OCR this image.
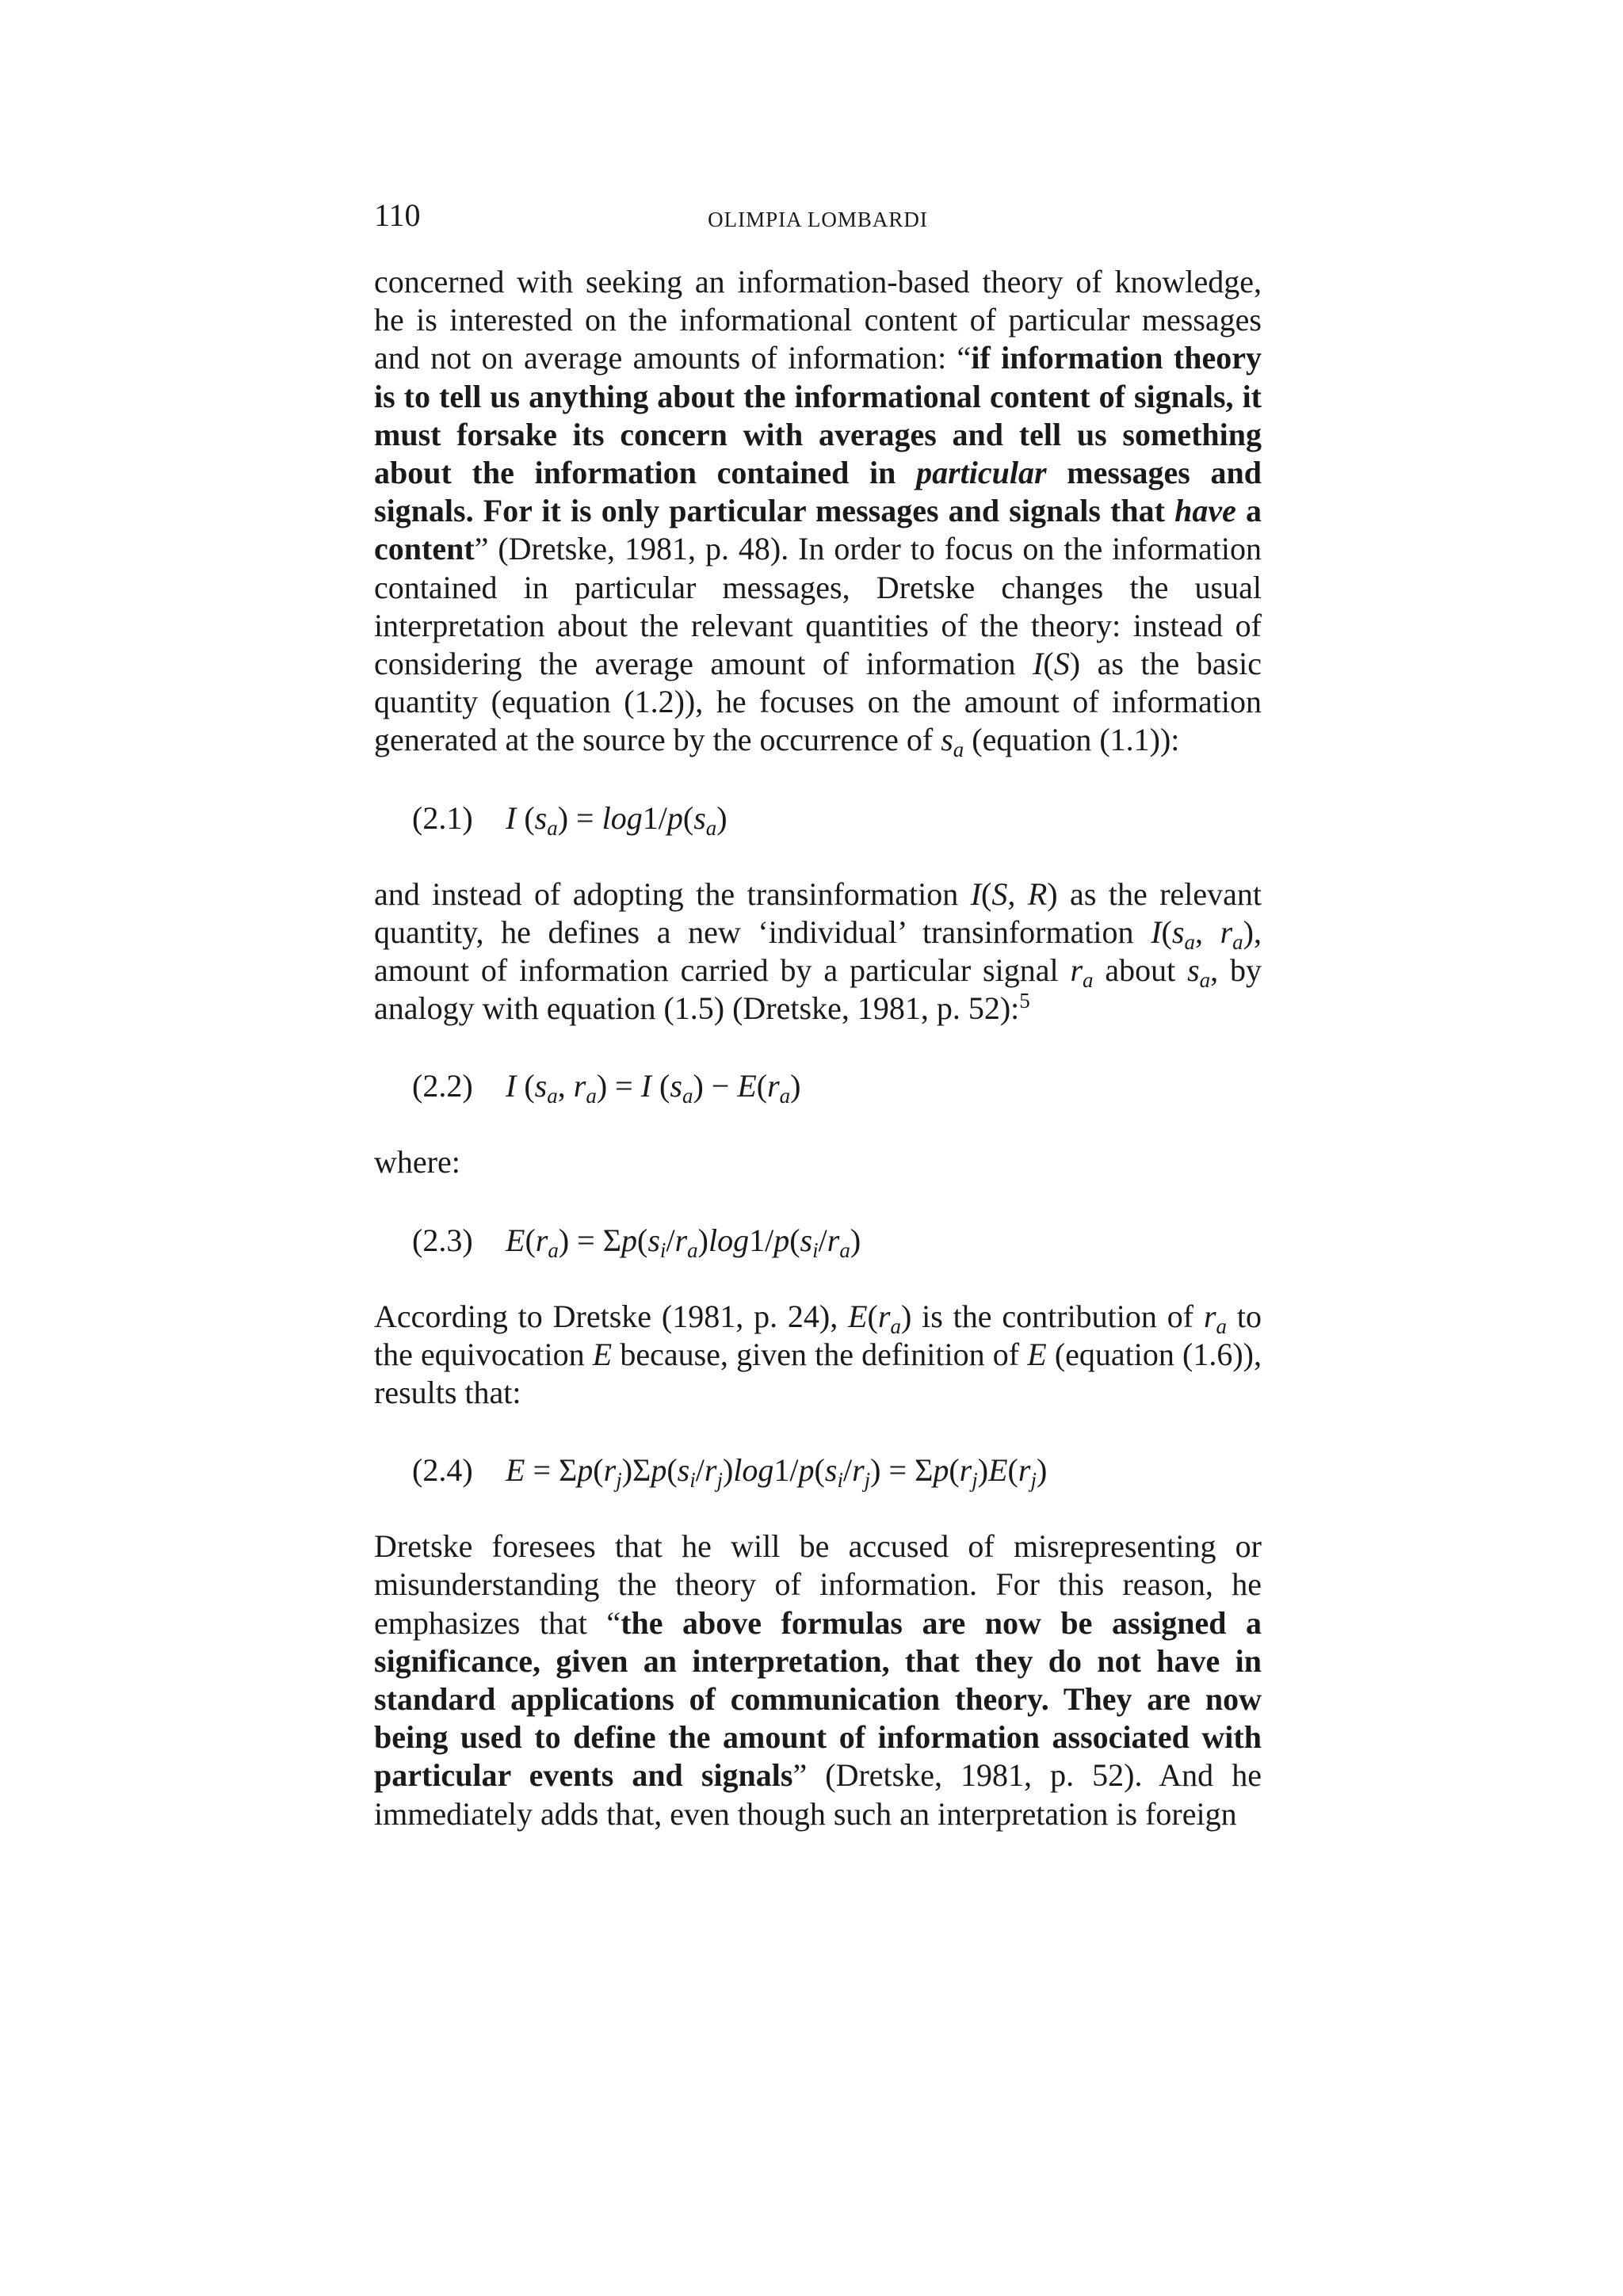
110	OLIMPIA LOMBARDI

concerned with seeking an information-based theory of knowledge, he is interested on the informational content of particular messages and not on average amounts of information: “if information theory is to tell us anything about the informational content of signals, it must forsake its concern with averages and tell us something about the information contained in particular messages and signals. For it is only particular messages and signals that have a content” (Dretske, 1981, p. 48). In order to focus on the information contained in particular messages, Dretske changes the usual interpretation about the relevant quantities of the theory: instead of considering the average amount of information I(S) as the basic quantity (equation (1.2)), he focuses on the amount of information generated at the source by the occurrence of $s_a$ (equation (1.1)):

(2.1) I $(s_a) = \log 1/p(s_a)$

and instead of adopting the transinformation I(S, R) as the relevant quantity, he defines a new ‘individual’ transinformation $I(s_a$, $r_a$), amount of information carried by a particular signal $r_a$ about $s_a$, by analogy with equation (1.5) (Dretske, 1981, p. 52):$^5$

(2.2) I ($s_a$, $r_a) = I$ $(s_a) - E(r_a)$

where:

(2.3) $E(r_a) = \Sigma p(s_i/r_a)\log 1/p(s_i/r_a)$

According to Dretske (1981, p. 24), $E(r_a)$ is the contribution of $r_a$ to the equivocation E because, given the definition of E (equation (1.6)), results that:

(2.4) $E = \Sigma p(r_j)\Sigma p(s_i/r_j)\log 1/p(s_i/r_j) = \Sigma p(r_j)E(r_j)$

Dretske foresees that he will be accused of misrepresenting or misunderstanding the theory of information. For this reason, he emphasizes that “the above formulas are now be assigned a significance, given an interpretation, that they do not have in standard applications of communication theory. They are now being used to define the amount of information associated with particular events and signals” (Dretske, 1981, p. 52). And he immediately adds that, even though such an interpretation is foreign
